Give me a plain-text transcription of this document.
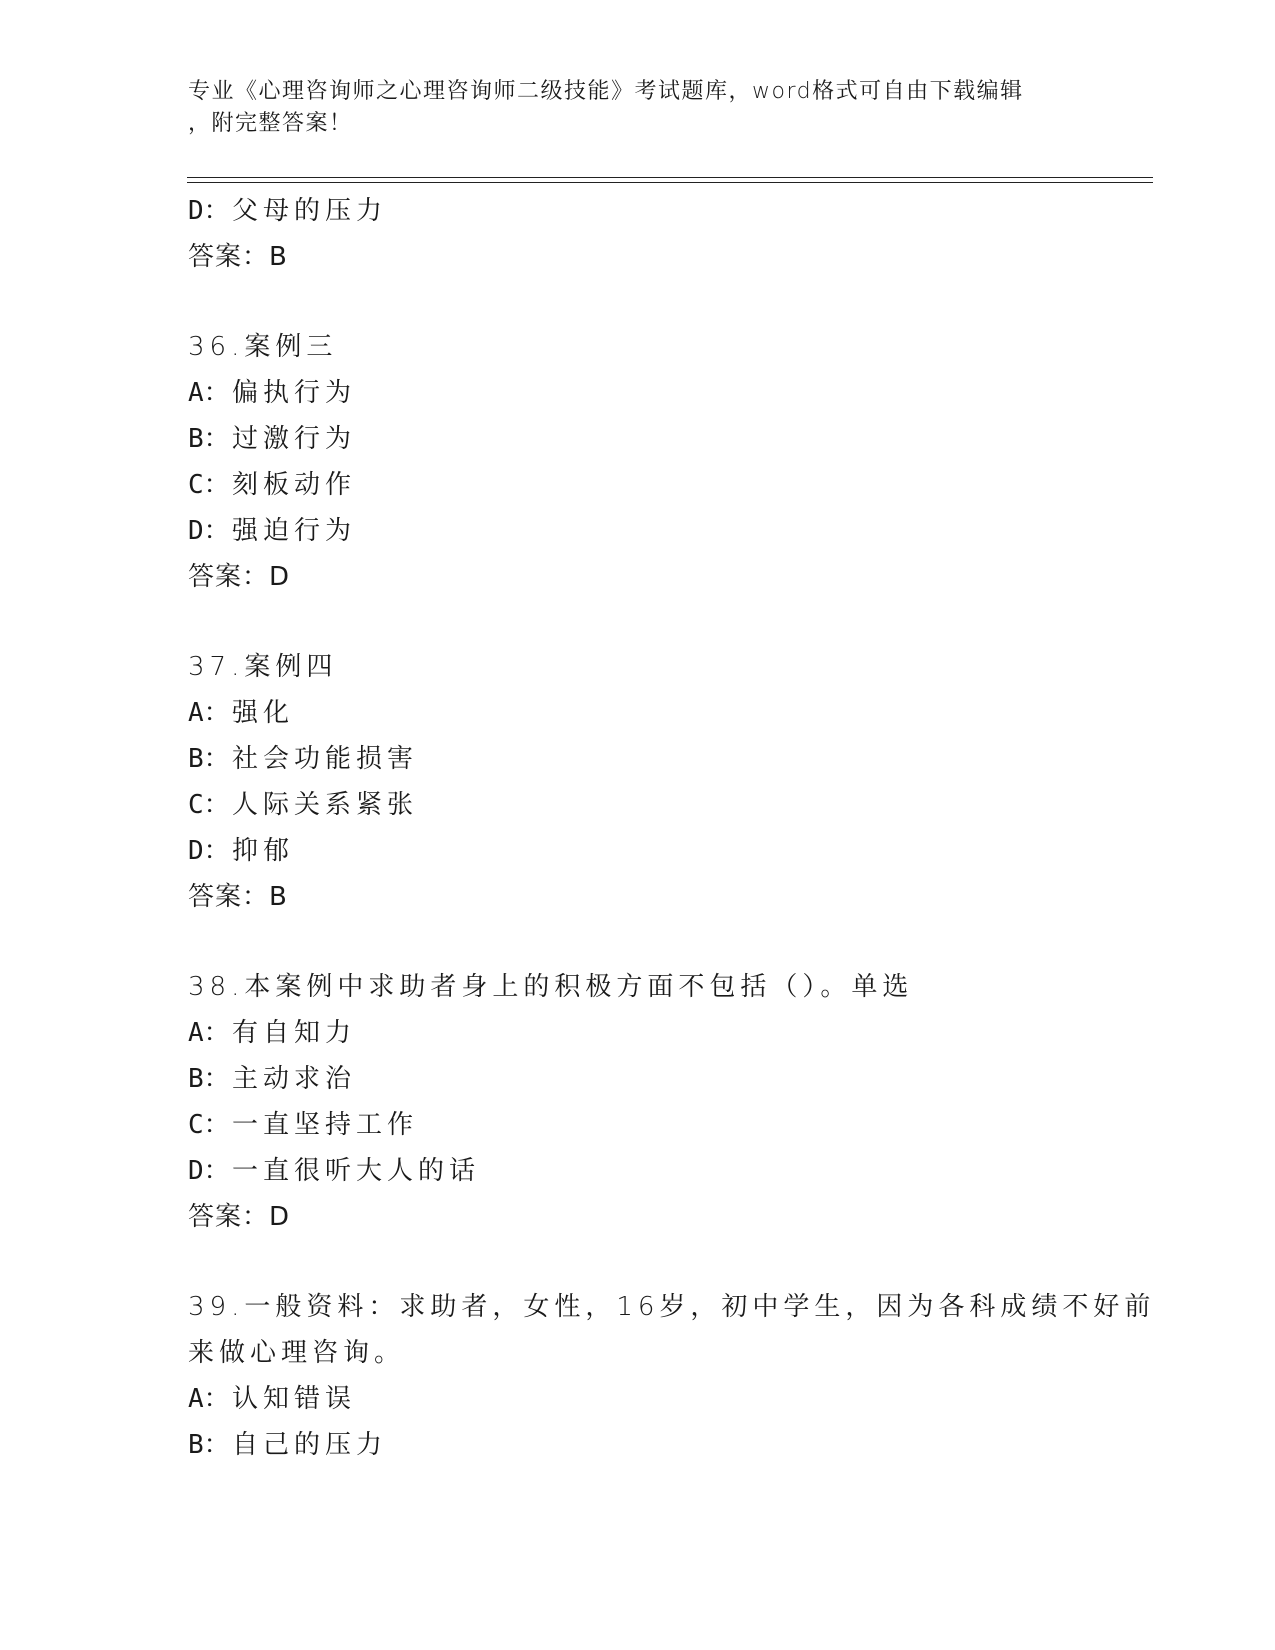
专业《心理咨询师之心理咨询师二级技能》考试题库，word格式可自由下载编辑
，附完整答案！
D：父母的压力
答案：B
36.案例三
A：偏执行为
B：过激行为
C：刻板动作
D：强迫行为
答案：D
37.案例四
A：强化
B：社会功能损害
C：人际关系紧张
D：抑郁
答案：B
38.本案例中求助者身上的积极方面不包括（）。单选
A：有自知力
B：主动求治
C：一直坚持工作
D：一直很听大人的话
答案：D
39.一般资料：求助者，女性，16岁，初中学生，因为各科成绩不好前
来做心理咨询。
A：认知错误
B：自己的压力
